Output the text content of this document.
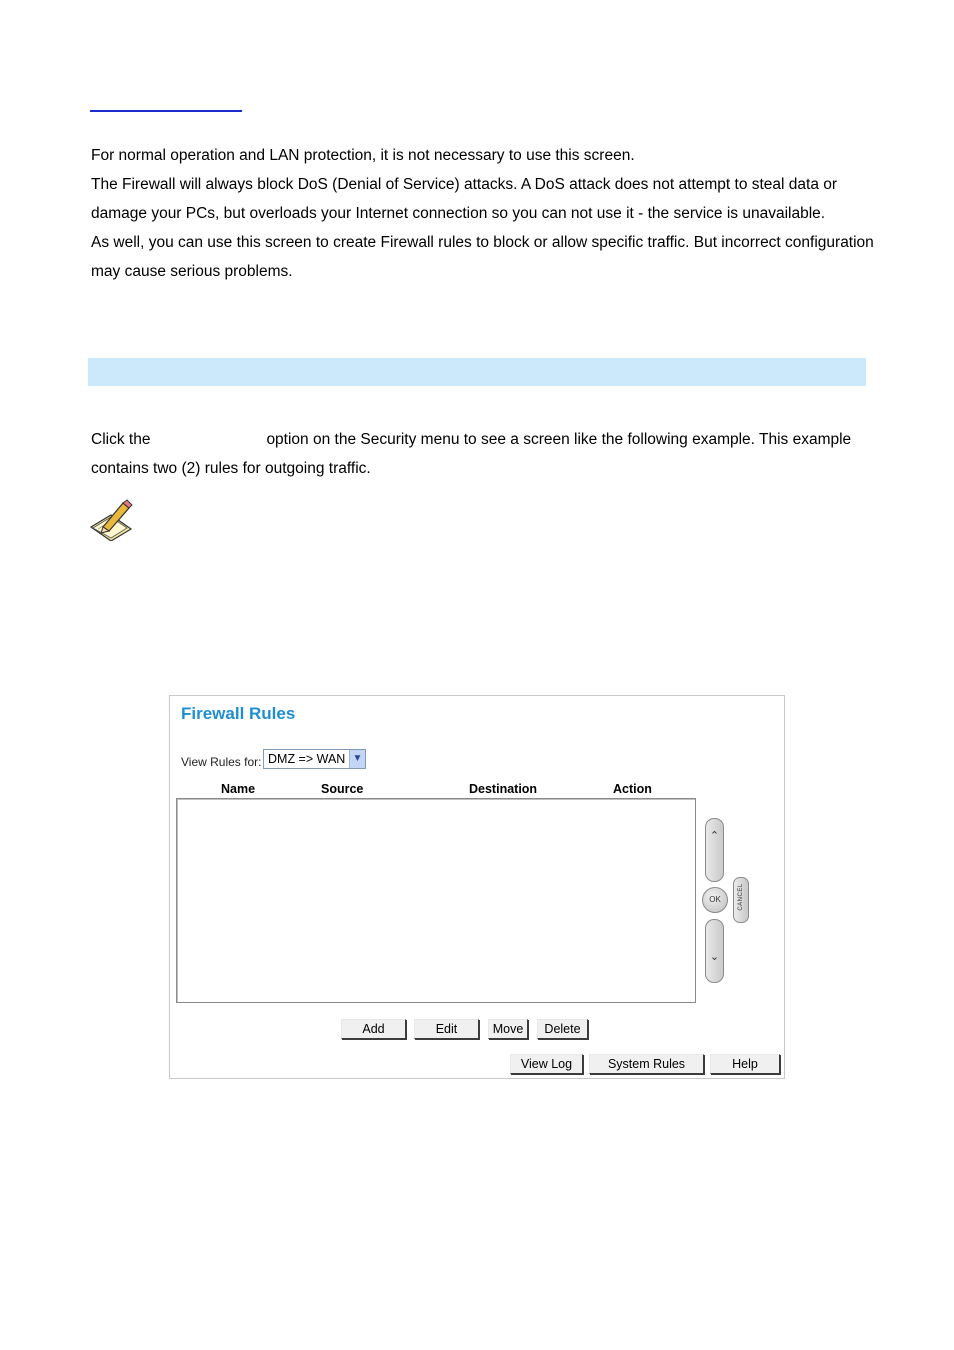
For normal operation and LAN protection, it is not necessary to use this screen.
The Firewall will always block DoS (Denial of Service) attacks. A DoS attack does not attempt to steal data or damage your PCs, but overloads your Internet connection so you can not use it - the service is unavailable.
As well, you can use this screen to create Firewall rules to block or allow specific traffic. But incorrect configuration may cause serious problems.
Click the	option on the Security menu to see a screen like the following example. This example contains two (2) rules for outgoing traffic.
Firewall Rules
View Rules for: DMZ => WAN ▼
Name	Source	Destination	Action
⌃
OK	CANCEL
⌄
Add	Edit	Move	Delete
View Log	System Rules	Help
